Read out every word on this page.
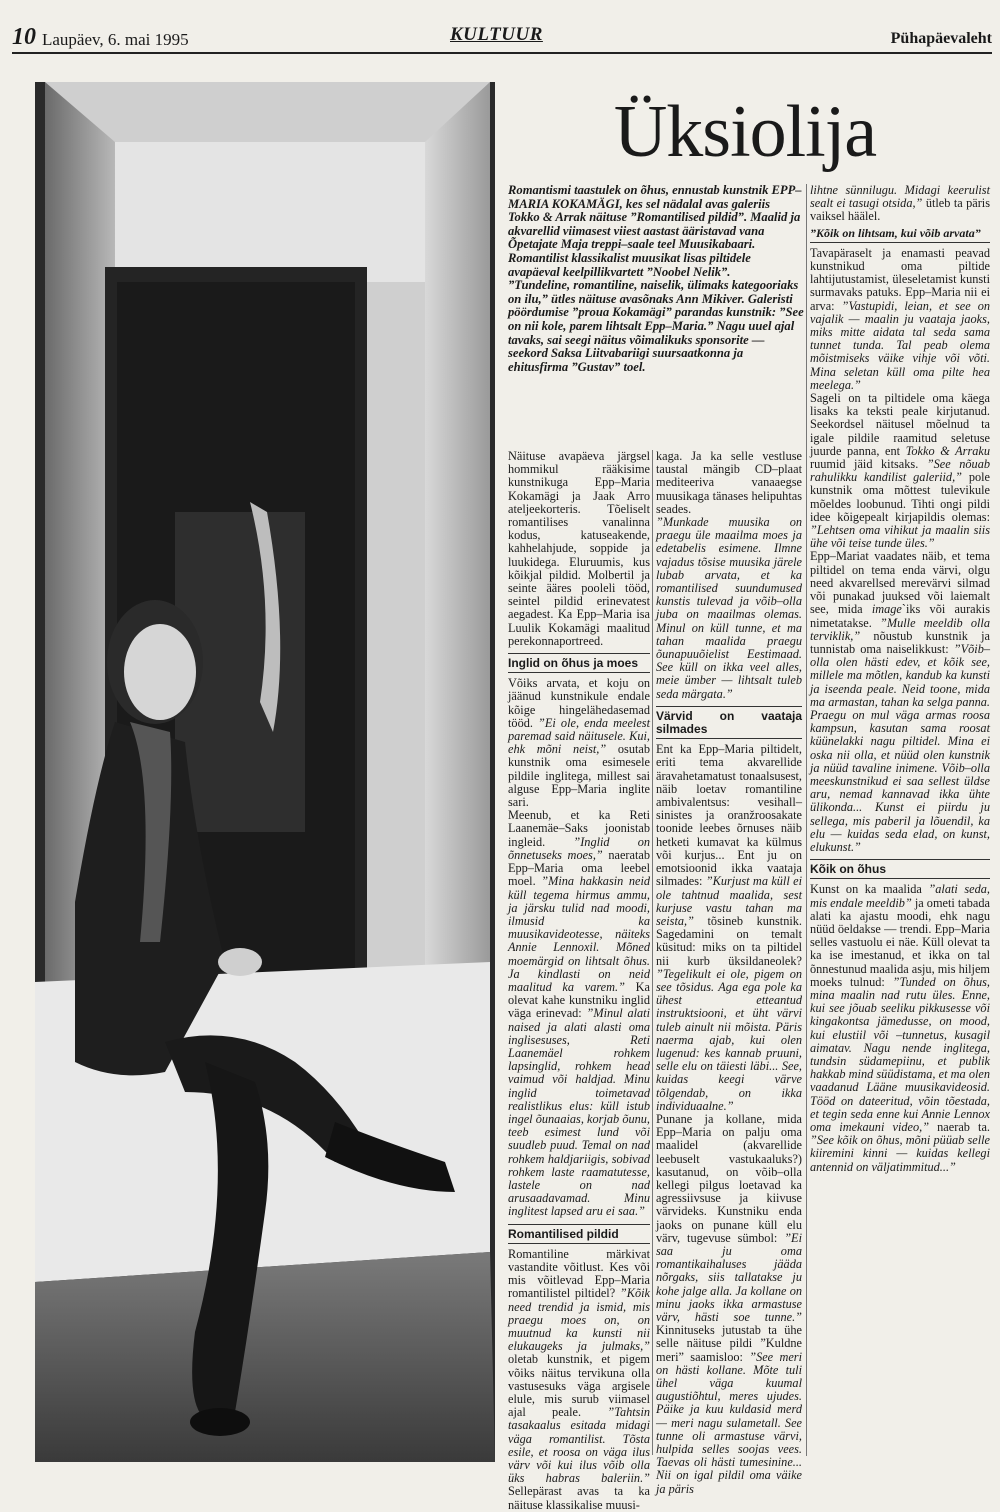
10 Laupäev, 6. mai 1995	KULTUUR	Pühapäevaleht
Üksiolija

Romantismi taastulek on õhus, ennustab kunstnik EPP–MARIA KOKAMÄGI, kes sel nädalal avas galeriis Tokko & Arrak näituse ”Romantilised pildid”. Maalid ja akvarellid viimasest viiest aastast ääristavad vana Õpetajate Maja treppi–saale teel Muusikabaari. Romantilist klassikalist muusikat lisas piltidele avapäeval keelpillikvartett ”Noobel Nelik”.

”Tundeline, romantiline, naiselik, ülimaks kategooriaks on ilu,” ütles näituse avasõnaks Ann Mikiver. Galeristi pöördumise ”proua Kokamägi” parandas kunstnik: ”See on nii kole, parem lihtsalt Epp–Maria.” Nagu uuel ajal tavaks, sai seegi näitus võimalikuks sponsorite — seekord Saksa Liitvabariigi suursaatkonna ja ehitusfirma ”Gustav” toel.

Näituse avapäeva järgsel hommikul rääkisime kunstnikuga Epp–Maria Kokamägi ja Jaak Arro ateljeekorteris. Tõeliselt romantilises vanalinna kodus, katuseakende, kahhelahjude, soppide ja luukidega. Eluruumis, kus kõikjal pildid. Molbertil ja seinte ääres pooleli tööd, seintel pildid erinevatest aegadest. Ka Epp–Maria isa Luulik Kokamägi maalitud perekonnaportreed.

Inglid on õhus ja moes

Võiks arvata, et koju on jäänud kunstnikule endale kõige hingelähedasemad tööd. ”Ei ole, enda meelest paremad said näitusele. Kui, ehk mõni neist,” osutab kunstnik oma esimesele pildile inglitega, millest sai alguse Epp–Maria inglite sari.

Meenub, et ka Reti Laanemäe–Saks joonistab ingleid. ”Inglid on õnnetuseks moes,” naeratab Epp–Maria oma leebel moel. ”Mina hakkasin neid küll tegema hirmus ammu, ja järsku tulid nad moodi, ilmusid ka muusikavideotesse, näiteks Annie Lennoxil. Mõned moemärgid on lihtsalt õhus. Ja kindlasti on neid maalitud ka varem.” Ka olevat kahe kunstniku inglid väga erinevad: ”Minul alati naised ja alati alasti oma inglisesuses, Reti Laanemäel rohkem lapsinglid, rohkem head vaimud või haldjad. Minu inglid toimetavad realistlikus elus: küll istub ingel õunaaias, korjab õunu, teeb esimest lund või suudleb puud. Temal on nad rohkem haldjariigis, sobivad rohkem laste raamatutesse, lastele on nad arusaadavamad. Minu inglitest lapsed aru ei saa.”

Romantilised pildid

Romantiline märkivat vastandite võitlust. Kes või mis võitlevad Epp–Maria romantilistel piltidel? ”Kõik need trendid ja ismid, mis praegu moes on, on muutnud ka kunsti nii elukaugeks ja julmaks,” oletab kunstnik, et pigem võiks näitus tervikuna olla vastusesuks väga argisele elule, mis surub viimasel ajal peale. ”Tahtsin tasakaalus esitada midagi väga romantilist. Tõsta esile, et roosa on väga ilus värv või kui ilus võib olla üks habras baleriin.” Sellepärast avas ta ka näituse klassikalise muusi-

kaga. Ja ka selle vestluse taustal mängib CD–plaat mediteeriva vanaaegse muusikaga tänases helipuhtas seades.

”Munkade muusika on praegu üle maailma moes ja edetabelis esimene. Ilmne vajadus tõsise muusika järele lubab arvata, et ka romantilised suundumused kunstis tulevad ja võib–olla juba on maailmas olemas. Minul on küll tunne, et ma tahan maalida praegu õunapuuõielist Eestimaad. See küll on ikka veel alles, meie ümber — lihtsalt tuleb seda märgata.”

Värvid on vaataja silmades

Ent ka Epp–Maria piltidelt, eriti tema akvarellide äravahetamatust tonaalsusest, näib loetav romantiline ambivalentsus: vesihall–sinistes ja oranžroosakate toonide leebes õrnuses näib hetketi kumavat ka külmus või kurjus... Ent ju on emotsioonid ikka vaataja silmades: ”Kurjust ma küll ei ole tahtnud maalida, sest kurjuse vastu tahan ma seista,” tõsineb kunstnik. Sagedamini on temalt küsitud: miks on ta piltidel nii kurb üksildaneolek? ”Tegelikult ei ole, pigem on see tõsidus. Aga ega pole ka ühest etteantud instruktsiooni, et üht värvi tuleb ainult nii mõista. Päris naerma ajab, kui olen lugenud: kes kannab pruuni, selle elu on täiesti läbi... See, kuidas keegi värve tõlgendab, on ikka individuaalne.”

Punane ja kollane, mida Epp–Maria on palju oma maalidel (akvarellide leebuselt vastukaaluks?) kasutanud, on võib–olla kellegi pilgus loetavad ka agressiivsuse ja kiivuse värvideks. Kunstniku enda jaoks on punane küll elu värv, tugevuse sümbol: ”Ei saa ju oma romantikaihaluses jääda nõrgaks, siis tallatakse ju kohe jalge alla. Ja kollane on minu jaoks ikka armastuse värv, hästi soe tunne.” Kinnituseks jutustab ta ühe selle näituse pildi ”Kuldne meri” saamisloo: ”See meri on hästi kollane. Mõte tuli ühel väga kuumal augustiõhtul, meres ujudes. Päike ja kuu kuldasid merd — meri nagu sulametall. See tunne oli armastuse värvi, hulpida selles soojas vees. Taevas oli hästi tumesinine... Nii on igal pildil oma väike ja päris

lihtne sünnilugu. Midagi keerulist sealt ei tasugi otsida,” ütleb ta päris vaiksel häälel.

”Kõik on lihtsam, kui võib arvata”

Tavapäraselt ja enamasti peavad kunstnikud oma piltide lahtijutustamist, üleseletamist kunsti surmavaks patuks. Epp–Maria nii ei arva: ”Vastupidi, leian, et see on vajalik — maalin ju vaataja jaoks, miks mitte aidata tal seda sama tunnet tunda. Tal peab olema mõistmiseks väike vihje või võti. Mina seletan küll oma pilte hea meelega.”

Sageli on ta piltidele oma käega lisaks ka teksti peale kirjutanud. Seekordsel näitusel mõelnud ta igale pildile raamitud seletuse juurde panna, ent Tokko & Arraku ruumid jäid kitsaks. ”See nõuab rahulikku kandilist galeriid,” pole kunstnik oma mõttest tulevikule mõeldes loobunud. Tihti ongi pildi idee kõigepealt kirjapildis olemas: ”Lehtsen oma vihikut ja maalin siis ühe või teise tunde üles.”

Epp–Mariat vaadates näib, et tema piltidel on tema enda värvi, olgu need akvarellsed merevärvi silmad või punakad juuksed või laiemalt see, mida image`iks või aurakis nimetatakse. ”Mulle meeldib olla terviklik,” nõustub kunstnik ja tunnistab oma naiselikkust: ”Võib–olla olen hästi edev, et kõik see, millele ma mõtlen, kandub ka kunsti ja iseenda peale. Neid toone, mida ma armastan, tahan ka selga panna. Praegu on mul väga armas roosa kampsun, kasutan sama roosat küünelakki nagu piltidel. Mina ei oska nii olla, et nüüd olen kunstnik ja nüüd tavaline inimene. Võib–olla meeskunstnikud ei saa sellest üldse aru, nemad kannavad ikka ühte ülikonda... Kunst ei piirdu ju sellega, mis paberil ja lõuendil, ka elu — kuidas seda elad, on kunst, elukunst.”

Kõik on õhus

Kunst on ka maalida ”alati seda, mis endale meeldib” ja ometi tabada alati ka ajastu moodi, ehk nagu nüüd öeldakse — trendi. Epp–Maria selles vastuolu ei näe. Küll olevat ta ka ise imestanud, et ikka on tal õnnestunud maalida asju, mis hiljem moeks tulnud: ”Tunded on õhus, mina maalin nad rutu üles. Enne, kui see jõuab seeliku pikkusesse või kingakontsa jämedusse, on mood, kui elustiil või –tunnetus, kusagil aimatav. Nagu nende inglitega, tundsin südamepiinu, et publik hakkab mind süüdistama, et ma olen vaadanud Lääne muusikavideosid. Tööd on dateeritud, võin tõestada, et tegin seda enne kui Annie Lennox oma imekauni video,” naerab ta. ”See kõik on õhus, mõni püüab selle kiiremini kinni — kuidas kellegi antennid on väljatimmitud...”
